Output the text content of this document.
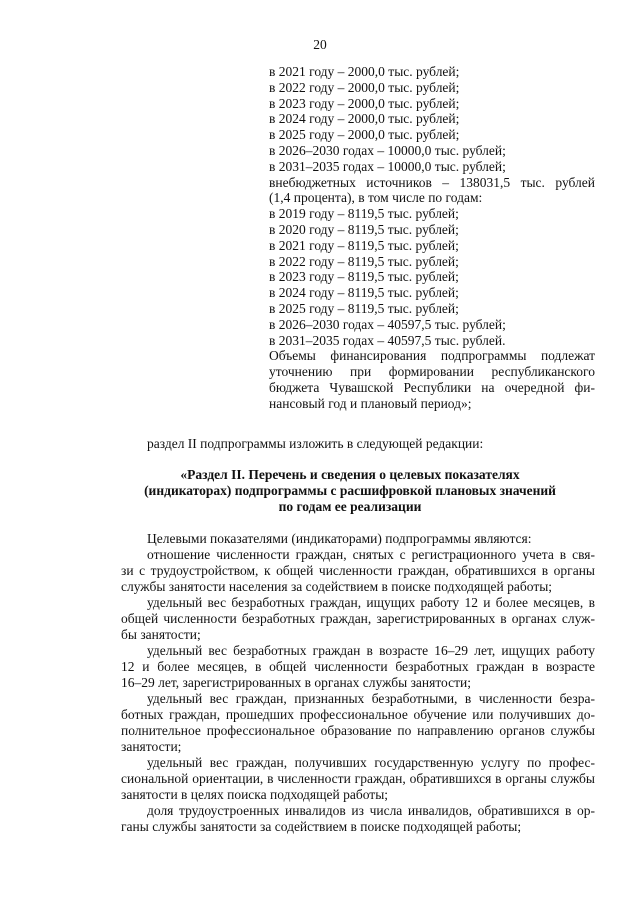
20
в 2021 году – 2000,0 тыс. рублей;
в 2022 году – 2000,0 тыс. рублей;
в 2023 году – 2000,0 тыс. рублей;
в 2024 году – 2000,0 тыс. рублей;
в 2025 году – 2000,0 тыс. рублей;
в 2026–2030 годах – 10000,0 тыс. рублей;
в 2031–2035 годах – 10000,0 тыс. рублей;
внебюджетных источников – 138031,5 тыс. рублей
(1,4 процента), в том числе по годам:
в 2019 году – 8119,5 тыс. рублей;
в 2020 году – 8119,5 тыс. рублей;
в 2021 году – 8119,5 тыс. рублей;
в 2022 году – 8119,5 тыс. рублей;
в 2023 году – 8119,5 тыс. рублей;
в 2024 году – 8119,5 тыс. рублей;
в 2025 году – 8119,5 тыс. рублей;
в 2026–2030 годах – 40597,5 тыс. рублей;
в 2031–2035 годах – 40597,5 тыс. рублей.
Объемы финансирования подпрограммы подлежат
уточнению при формировании республиканского
бюджета Чувашской Республики на очередной фи-
нансовый год и плановый период»;
раздел II подпрограммы изложить в следующей редакции:
«Раздел II. Перечень и сведения о целевых показателях
(индикаторах) подпрограммы с расшифровкой плановых значений
по годам ее реализации
Целевыми показателями (индикаторами) подпрограммы являются:
отношение численности граждан, снятых с регистрационного учета в свя-
зи с трудоустройством, к общей численности граждан, обратившихся в органы
службы занятости населения за содействием в поиске подходящей работы;
удельный вес безработных граждан, ищущих работу 12 и более месяцев, в
общей численности безработных граждан, зарегистрированных в органах служ-
бы занятости;
удельный вес безработных граждан в возрасте 16–29 лет, ищущих работу
12 и более месяцев, в общей численности безработных граждан в возрасте
16–29 лет, зарегистрированных в органах службы занятости;
удельный вес граждан, признанных безработными, в численности безра-
ботных граждан, прошедших профессиональное обучение или получивших до-
полнительное профессиональное образование по направлению органов службы
занятости;
удельный вес граждан, получивших государственную услугу по профес-
сиональной ориентации, в численности граждан, обратившихся в органы службы
занятости в целях поиска подходящей работы;
доля трудоустроенных инвалидов из числа инвалидов, обратившихся в ор-
ганы службы занятости за содействием в поиске подходящей работы;
